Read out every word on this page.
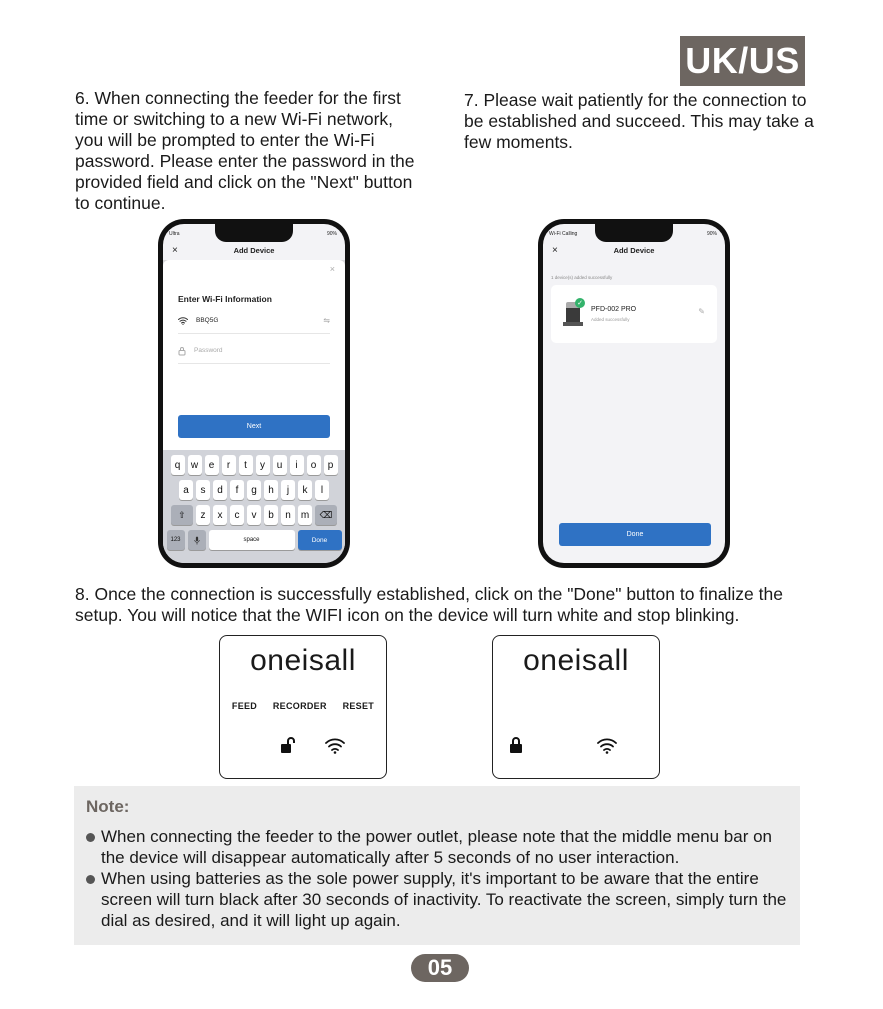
UK/US

6. When connecting the feeder for the first time or switching to a new Wi-Fi network, you will be prompted to enter the Wi-Fi password. Please enter the password in the provided field and click on the "Next" button to continue.

7. Please wait patiently for the connection to be established and succeed. This may take a few moments.

Ultra	90%
×	Add Device
×
Enter Wi-Fi Information
BBQ5G	⇋
Password
Next
q	w	e	r	t	y	u	i	o	p
a	s	d	f	g	h	j	k	l
⇧	z	x	c	v	b	n	m	⌫
123	space	Done
Wi-Fi Calling	90%
×	Add Device
1 device(s) added successfully
✓
PFD-002 PRO
Added successfully
✎
Done

8. Once the connection is successfully established, click on the "Done" button to finalize the setup. You will notice that the WIFI icon on the device will turn white and stop blinking.

oneisall
FEED RECORDER RESET
oneisall
Note:
When connecting the feeder to the power outlet, please note that the middle menu bar on the device will disappear automatically after 5 seconds of no user interaction.
When using batteries as the sole power supply, it's important to be aware that the entire screen will turn black after 30 seconds of inactivity. To reactivate the screen, simply turn the dial as desired, and it will light up again.
05
